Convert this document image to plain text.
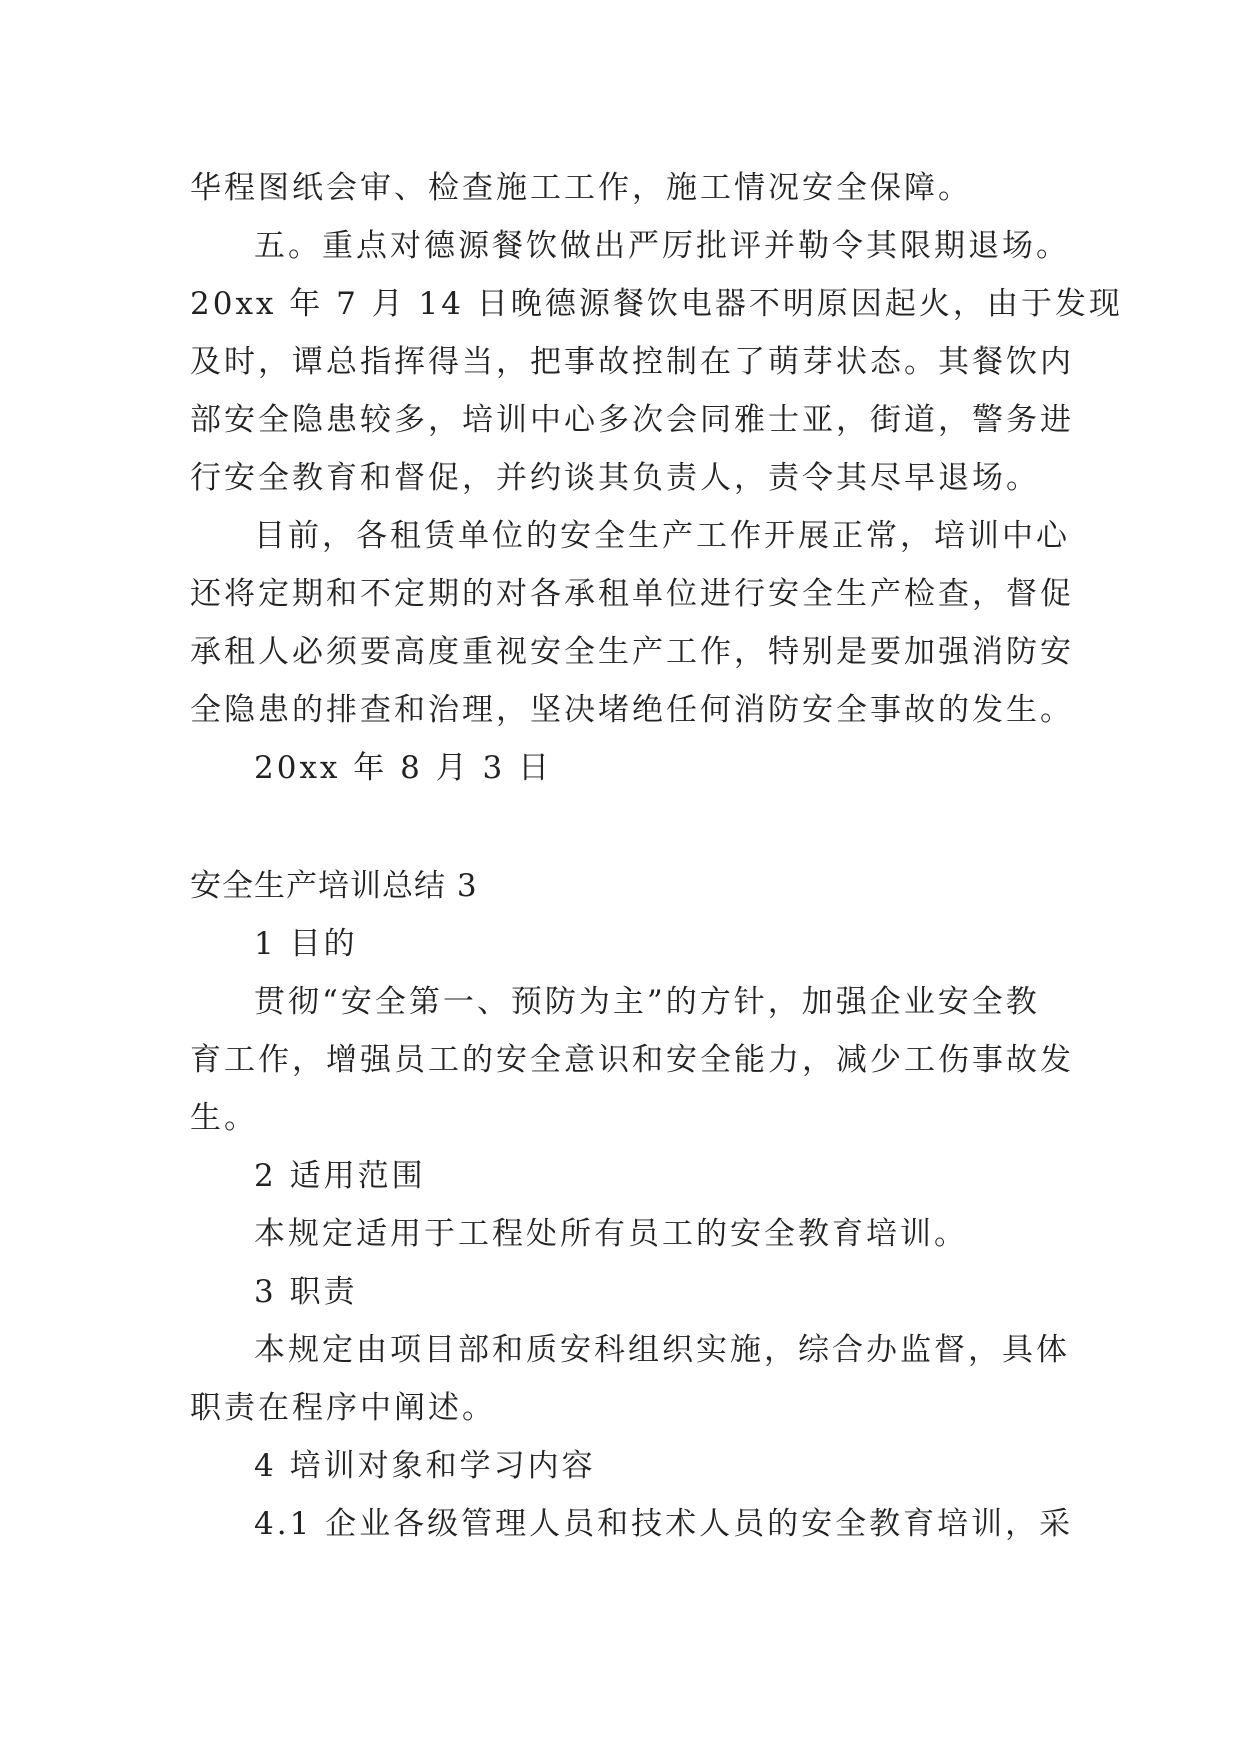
华程图纸会审、检查施工工作，施工情况安全保障。
五。重点对德源餐饮做出严厉批评并勒令其限期退场。
20xx 年 7 月 14 日晚德源餐饮电器不明原因起火，由于发现
及时，谭总指挥得当，把事故控制在了萌芽状态。其餐饮内
部安全隐患较多，培训中心多次会同雅士亚，街道，警务进
行安全教育和督促，并约谈其负责人，责令其尽早退场。
目前，各租赁单位的安全生产工作开展正常，培训中心
还将定期和不定期的对各承租单位进行安全生产检查，督促
承租人必须要高度重视安全生产工作，特别是要加强消防安
全隐患的排查和治理，坚决堵绝任何消防安全事故的发生。
20xx 年 8 月 3 日
安全生产培训总结 3
1 目的
贯彻“安全第一、预防为主”的方针，加强企业安全教
育工作，增强员工的安全意识和安全能力，减少工伤事故发
生。
2 适用范围
本规定适用于工程处所有员工的安全教育培训。
3 职责
本规定由项目部和质安科组织实施，综合办监督，具体
职责在程序中阐述。
4 培训对象和学习内容
4.1 企业各级管理人员和技术人员的安全教育培训，采
